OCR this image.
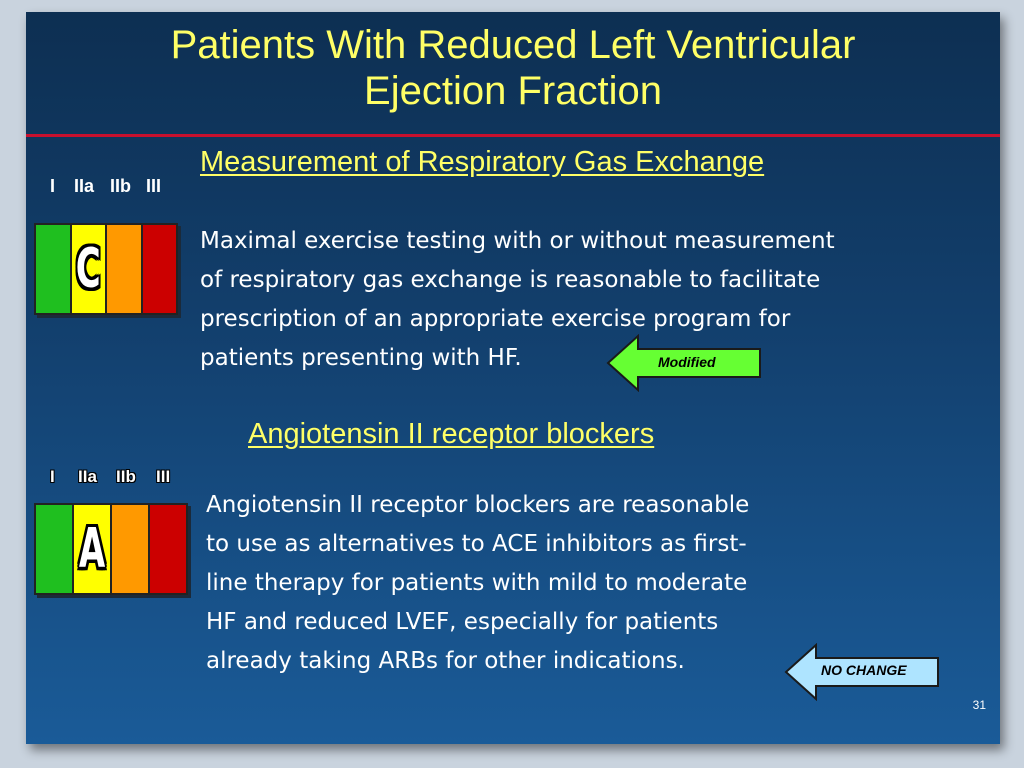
Patients With Reduced Left Ventricular
Ejection Fraction
I IIa IIb III
C
Measurement of Respiratory Gas Exchange
Maximal exercise testing with or without measurement
of respiratory gas exchange is reasonable to facilitate
prescription of an appropriate exercise program for
patients presenting with HF.	Modified
Angiotensin II receptor blockers
I IIa IIb III
A
Angiotensin II receptor blockers are reasonable
to use as alternatives to ACE inhibitors as first-
line therapy for patients with mild to moderate
HF and reduced LVEF, especially for patients
already taking ARBs for other indications.	NO CHANGE
31
